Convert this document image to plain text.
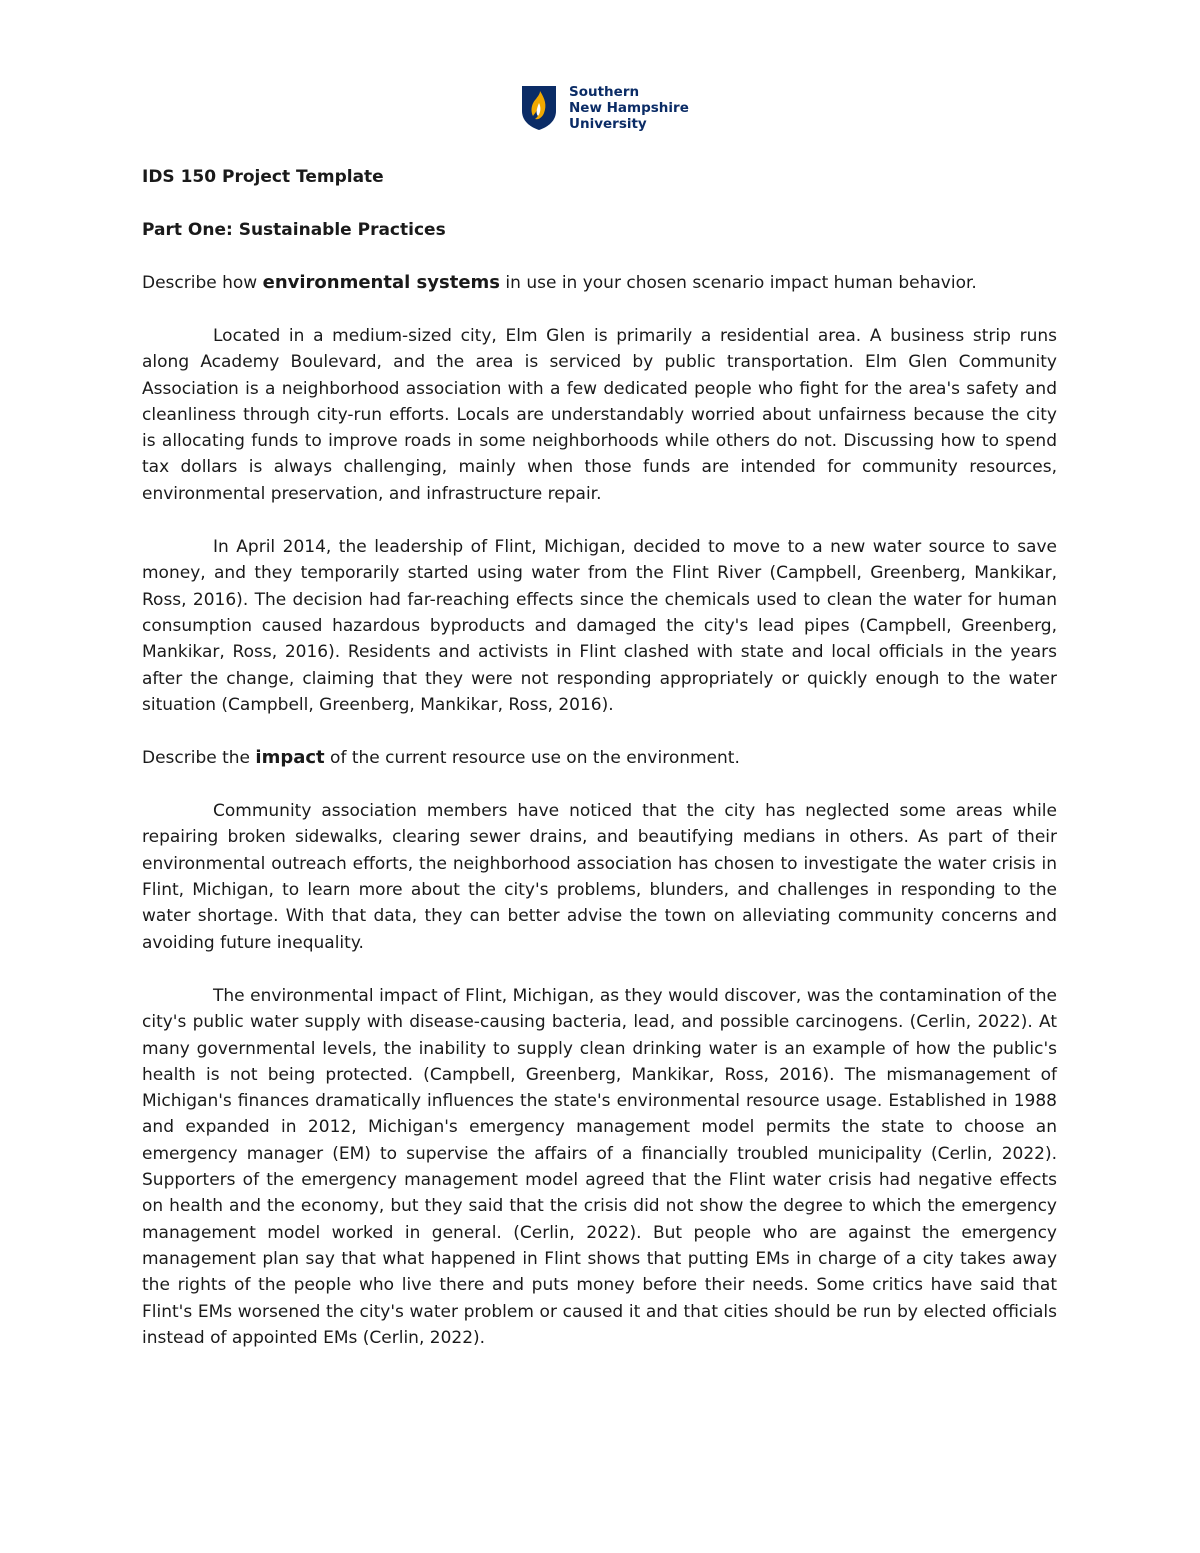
Southern
New Hampshire
University

IDS 150 Project Template

Part One: Sustainable Practices

Describe how environmental systems in use in your chosen scenario impact human behavior.

Located in a medium-sized city, Elm Glen is primarily a residential area. A business strip runs along Academy Boulevard, and the area is serviced by public transportation. Elm Glen Community Association is a neighborhood association with a few dedicated people who fight for the area's safety and cleanliness through city-run efforts. Locals are understandably worried about unfairness because the city is allocating funds to improve roads in some neighborhoods while others do not. Discussing how to spend tax dollars is always challenging, mainly when those funds are intended for community resources, environmental preservation, and infrastructure repair.

In April 2014, the leadership of Flint, Michigan, decided to move to a new water source to save money, and they temporarily started using water from the Flint River (Campbell, Greenberg, Mankikar, Ross, 2016). The decision had far-reaching effects since the chemicals used to clean the water for human consumption caused hazardous byproducts and damaged the city's lead pipes (Campbell, Greenberg, Mankikar, Ross, 2016). Residents and activists in Flint clashed with state and local officials in the years after the change, claiming that they were not responding appropriately or quickly enough to the water situation (Campbell, Greenberg, Mankikar, Ross, 2016).

Describe the impact of the current resource use on the environment.

Community association members have noticed that the city has neglected some areas while repairing broken sidewalks, clearing sewer drains, and beautifying medians in others. As part of their environmental outreach efforts, the neighborhood association has chosen to investigate the water crisis in Flint, Michigan, to learn more about the city's problems, blunders, and challenges in responding to the water shortage. With that data, they can better advise the town on alleviating community concerns and avoiding future inequality.

The environmental impact of Flint, Michigan, as they would discover, was the contamination of the city's public water supply with disease-causing bacteria, lead, and possible carcinogens. (Cerlin, 2022). At many governmental levels, the inability to supply clean drinking water is an example of how the public's health is not being protected. (Campbell, Greenberg, Mankikar, Ross, 2016). The mismanagement of Michigan's finances dramatically influences the state's environmental resource usage. Established in 1988 and expanded in 2012, Michigan's emergency management model permits the state to choose an emergency manager (EM) to supervise the affairs of a financially troubled municipality (Cerlin, 2022). Supporters of the emergency management model agreed that the Flint water crisis had negative effects on health and the economy, but they said that the crisis did not show the degree to which the emergency management model worked in general. (Cerlin, 2022). But people who are against the emergency management plan say that what happened in Flint shows that putting EMs in charge of a city takes away the rights of the people who live there and puts money before their needs. Some critics have said that Flint's EMs worsened the city's water problem or caused it and that cities should be run by elected officials instead of appointed EMs (Cerlin, 2022).
